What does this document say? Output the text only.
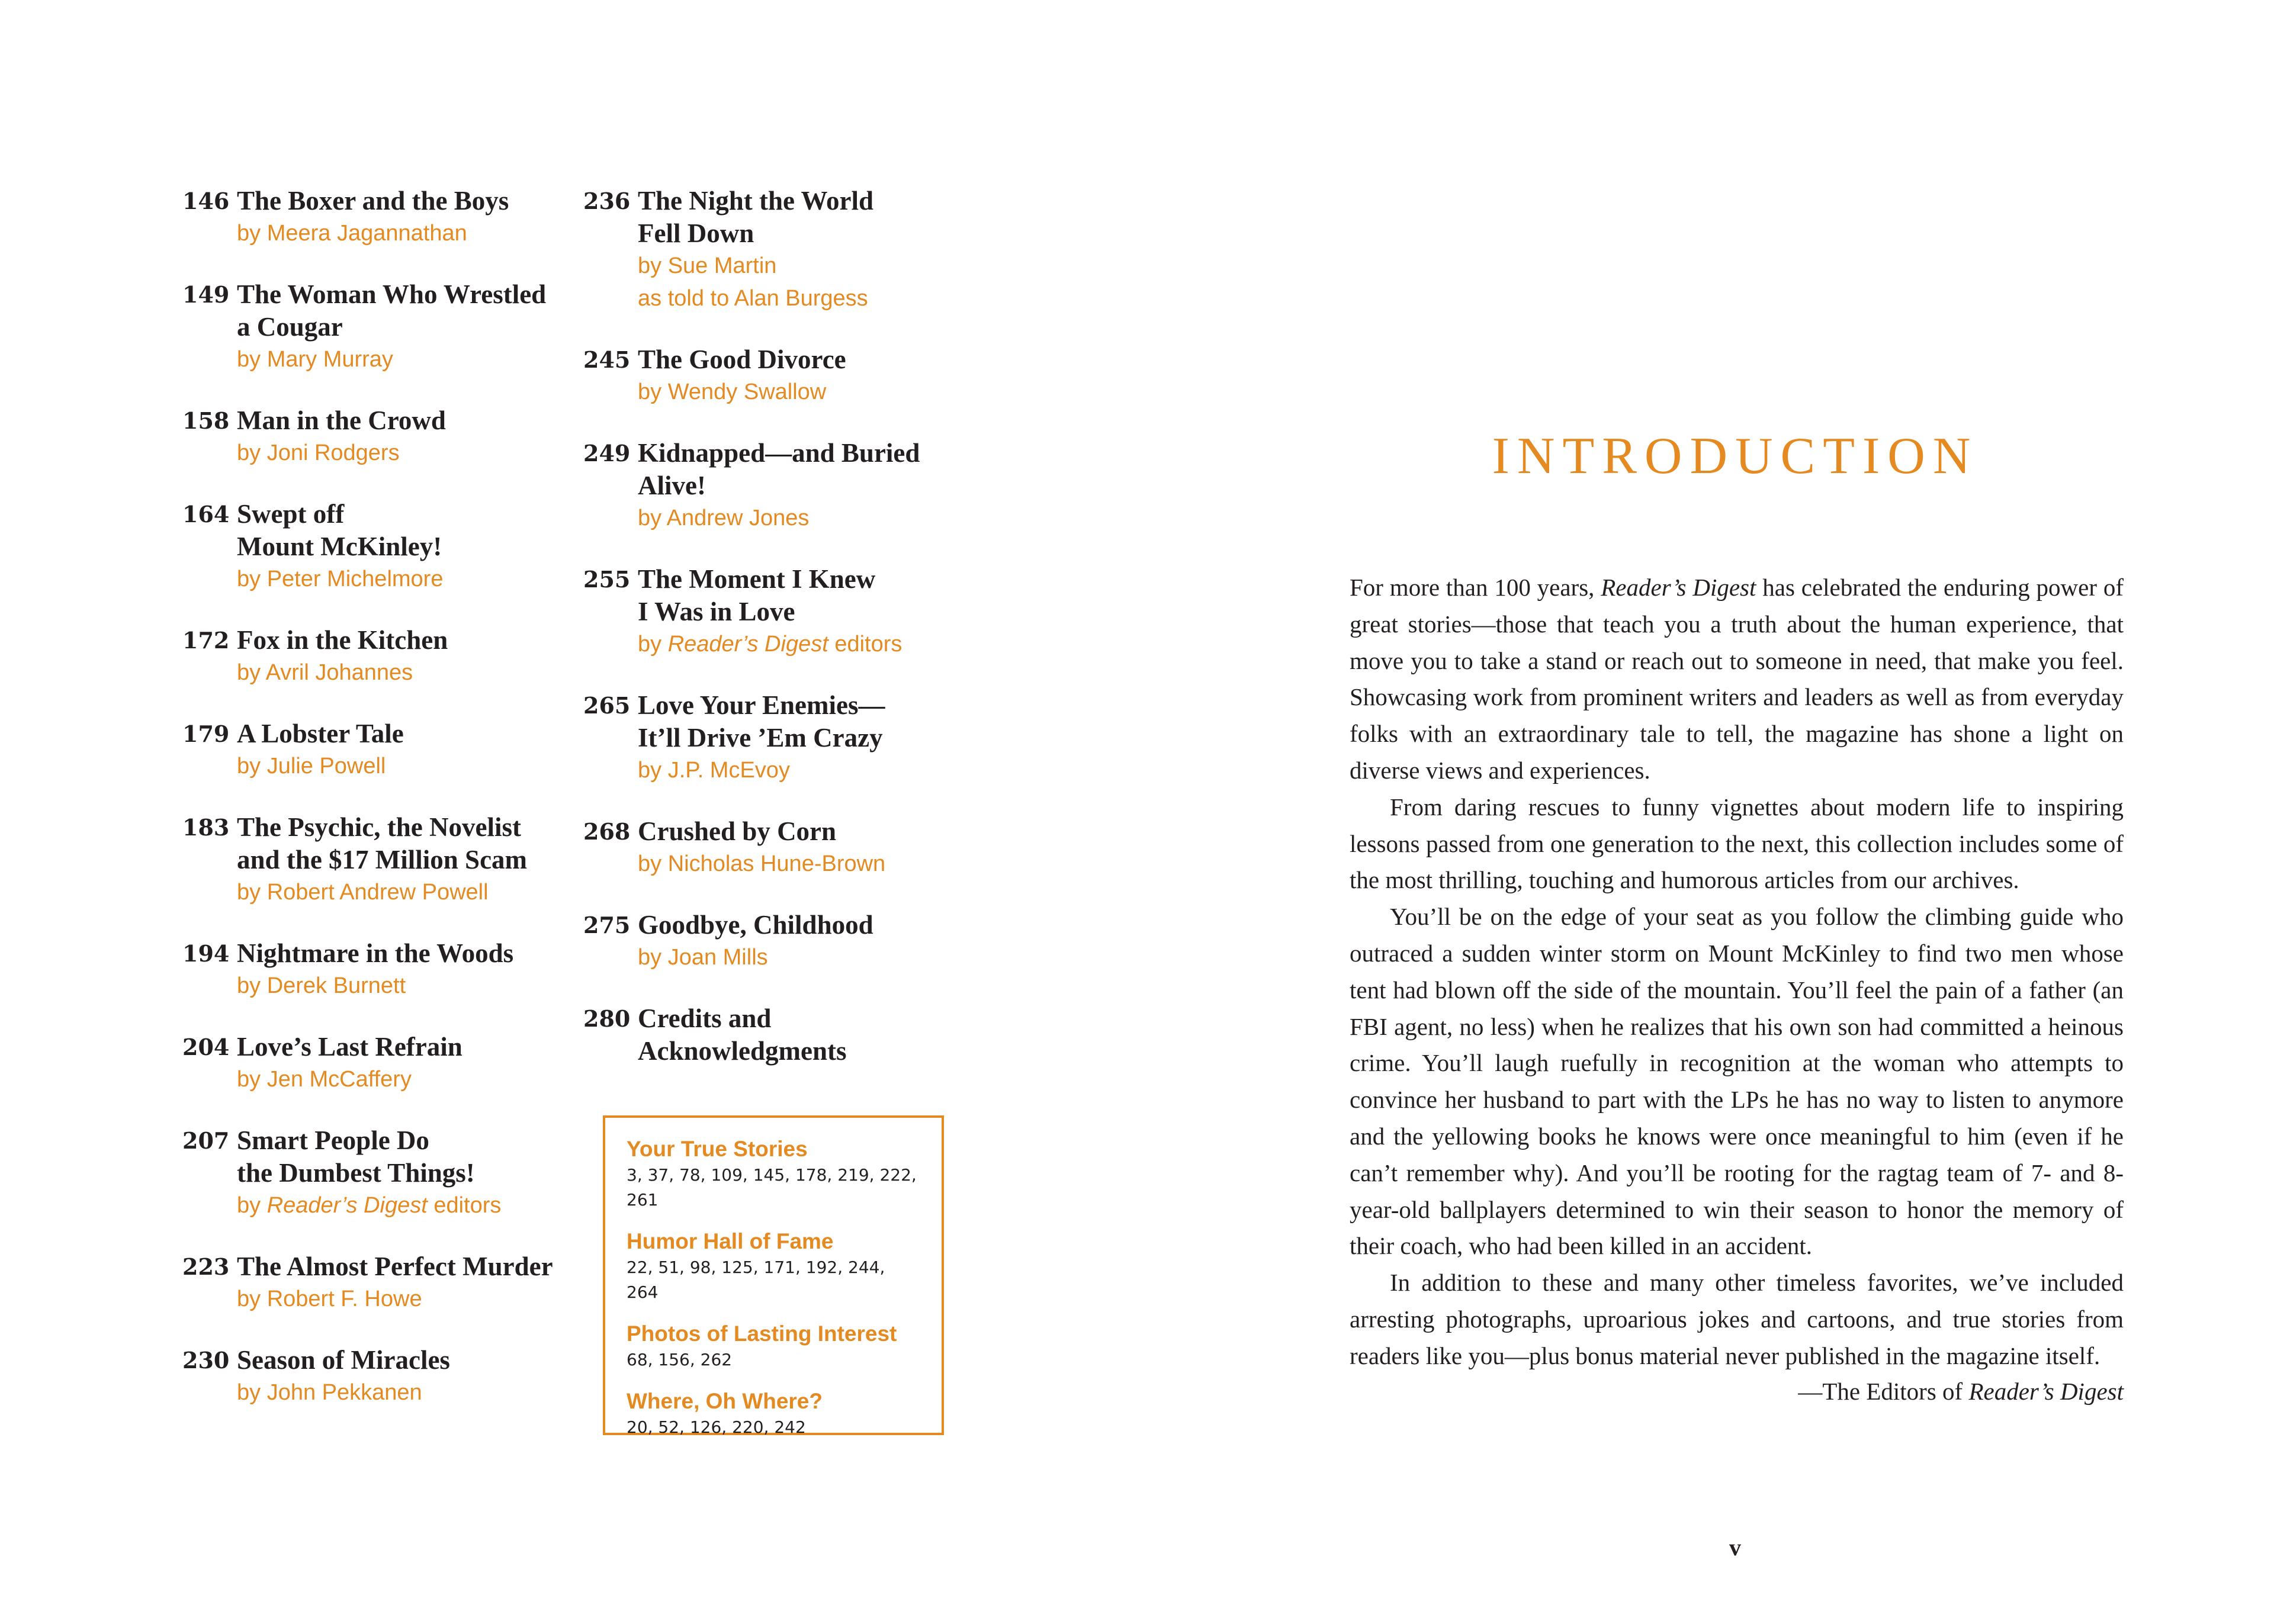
146 The Boxer and the Boys
by Meera Jagannathan
149 The Woman Who Wrestled
a Cougar
by Mary Murray
158 Man in the Crowd
by Joni Rodgers
164 Swept off
Mount McKinley!
by Peter Michelmore
172 Fox in the Kitchen
by Avril Johannes
179 A Lobster Tale
by Julie Powell
183 The Psychic, the Novelist
and the $17 Million Scam
by Robert Andrew Powell
194 Nightmare in the Woods
by Derek Burnett
204 Love’s Last Refrain
by Jen McCaffery
207 Smart People Do
the Dumbest Things!
by Reader’s Digest editors
223 The Almost Perfect Murder
by Robert F. Howe
230 Season of Miracles
by John Pekkanen
236 The Night the World
Fell Down
by Sue Martin
as told to Alan Burgess
245 The Good Divorce
by Wendy Swallow
249 Kidnapped—and Buried
Alive!
by Andrew Jones
255 The Moment I Knew
I Was in Love
by Reader’s Digest editors
265 Love Your Enemies—
It’ll Drive ’Em Crazy
by J.P. McEvoy
268 Crushed by Corn
by Nicholas Hune-Brown
275 Goodbye, Childhood
by Joan Mills
280 Credits and
Acknowledgments
Your True Stories
3, 37, 78, 109, 145, 178, 219, 222, 261
Humor Hall of Fame
22, 51, 98, 125, 171, 192, 244, 264
Photos of Lasting Interest
68, 156, 262
Where, Oh Where?
20, 52, 126, 220, 242
INTRODUCTION

For more than 100 years, Reader’s Digest has celebrated the enduring power of great stories—those that teach you a truth about the human experience, that move you to take a stand or reach out to someone in need, that make you feel. Showcasing work from prominent writers and leaders as well as from everyday folks with an extraordinary tale to tell, the magazine has shone a light on diverse views and experiences.

From daring rescues to funny vignettes about modern life to inspiring lessons passed from one generation to the next, this collection includes some of the most thrilling, touching and humorous articles from our archives.

You’ll be on the edge of your seat as you follow the climbing guide who outraced a sudden winter storm on Mount McKinley to find two men whose tent had blown off the side of the mountain. You’ll feel the pain of a father (an FBI agent, no less) when he realizes that his own son had committed a heinous crime. You’ll laugh ruefully in recognition at the woman who attempts to convince her husband to part with the LPs he has no way to listen to anymore and the yellowing books he knows were once meaningful to him (even if he can’t remember why). And you’ll be rooting for the ragtag team of 7- and 8-year-old ballplayers determined to win their season to honor the memory of their coach, who had been killed in an accident.

In addition to these and many other timeless favorites, we’ve included arresting photographs, uproarious jokes and cartoons, and true stories from readers like you—plus bonus material never published in the magazine itself.

—The Editors of Reader’s Digest
v
